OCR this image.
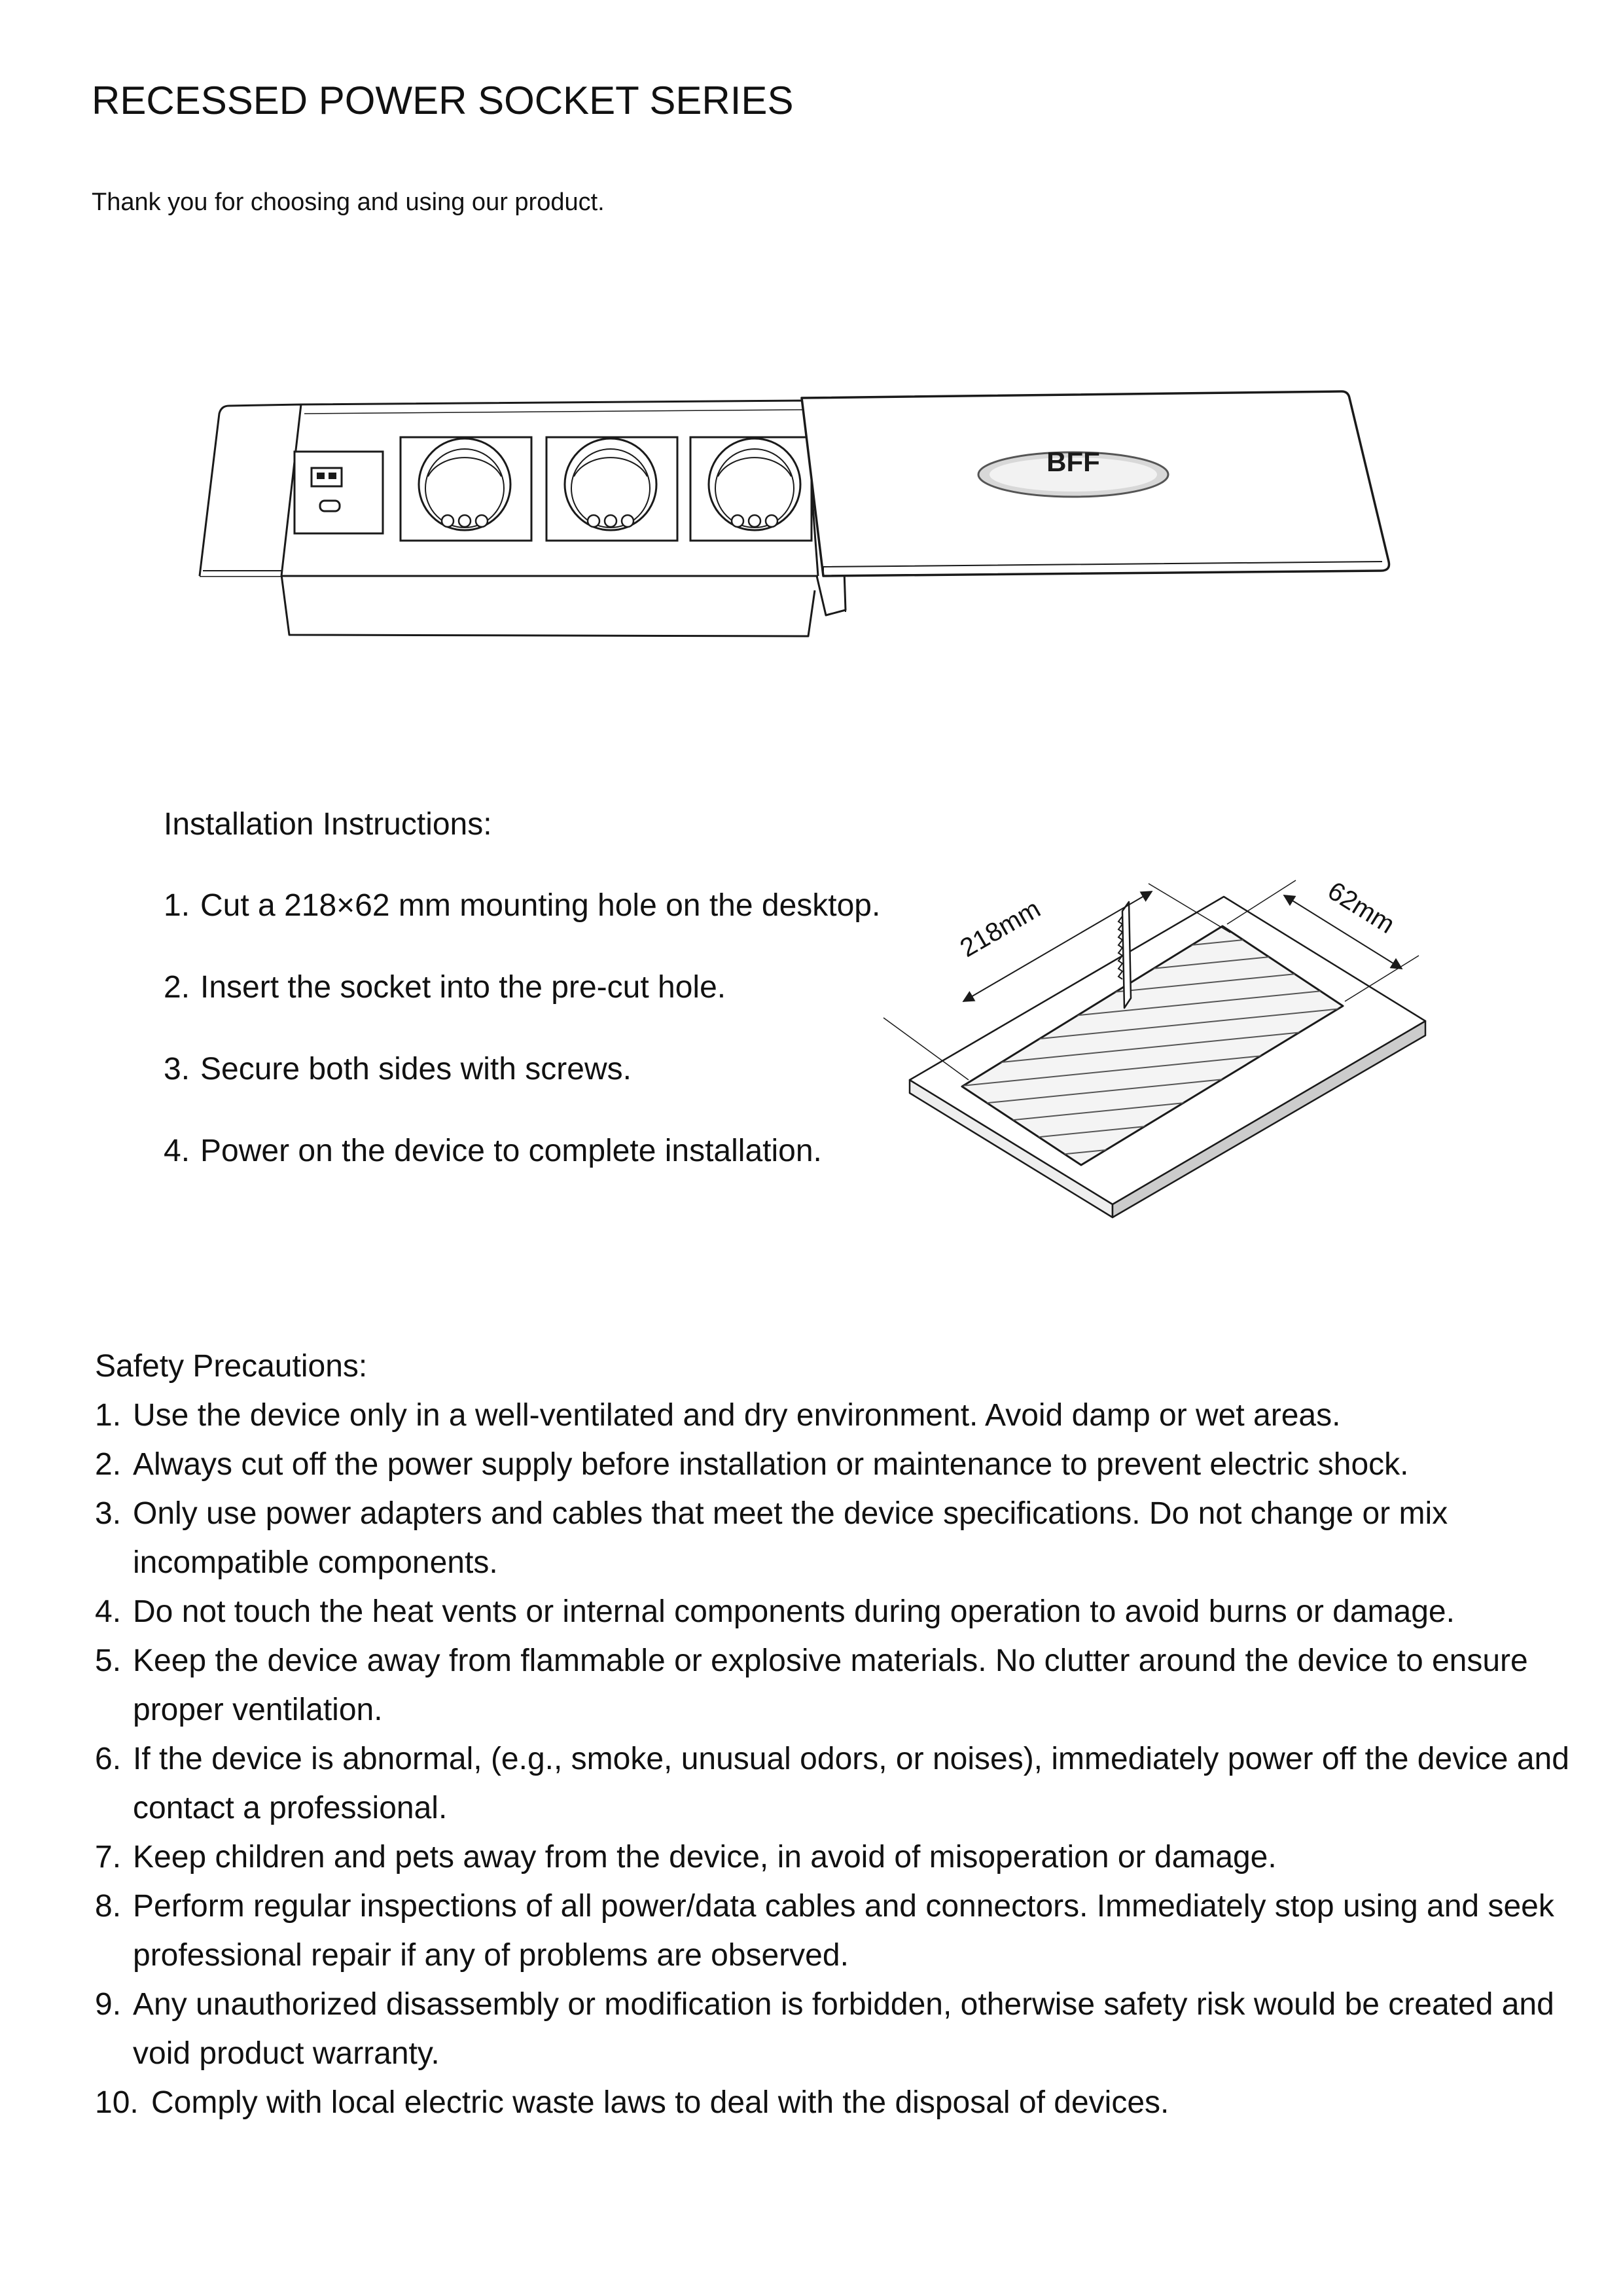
RECESSED POWER SOCKET SERIES
Thank you for choosing and using our product.
BFF
Installation Instructions:
1. Cut a 218×62 mm mounting hole on the desktop.
2. Insert the socket into the pre-cut hole.
3. Secure both sides with screws.
4. Power on the device to complete installation.
218mm	62mm
Safety Precautions:
1. Use the device only in a well-ventilated and dry environment. Avoid damp or wet areas.
2. Always cut off the power supply before installation or maintenance to prevent electric shock.
3. Only use power adapters and cables that meet the device specifications. Do not change or mix incompatible components.
4. Do not touch the heat vents or internal components during operation to avoid burns or damage.
5. Keep the device away from flammable or explosive materials. No clutter around the device to ensure proper ventilation.
6. If the device is abnormal, (e.g., smoke, unusual odors, or noises), immediately power off the device and contact a professional.
7. Keep children and pets away from the device, in avoid of misoperation or damage.
8. Perform regular inspections of all power/data cables and connectors. Immediately stop using and seek professional repair if any of problems are observed.
9. Any unauthorized disassembly or modification is forbidden, otherwise safety risk would be created and void product warranty.
10. Comply with local electric waste laws to deal with the disposal of devices.
